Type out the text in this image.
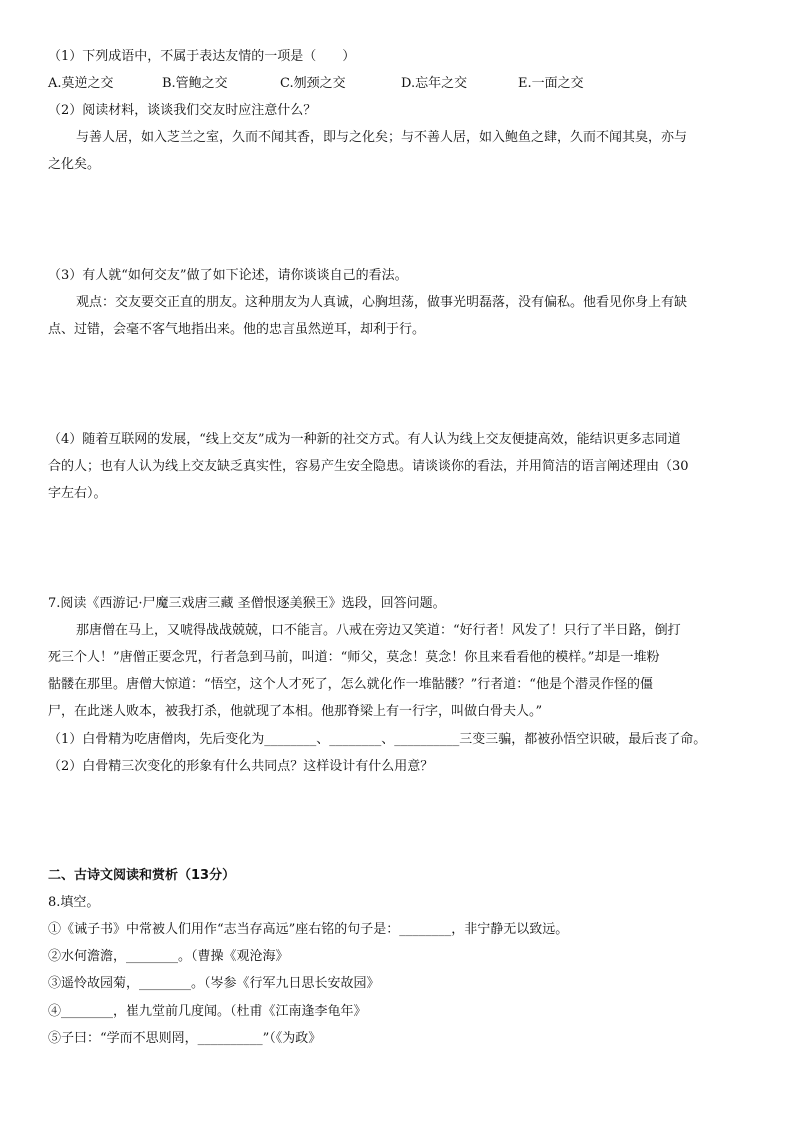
（1）下列成语中，不属于表达友情的一项是（　　）
A.莫逆之交	B.管鲍之交	C.刎颈之交	D.忘年之交	E.一面之交
（2）阅读材料，谈谈我们交友时应注意什么？
与善人居，如入芝兰之室，久而不闻其香，即与之化矣；与不善人居，如入鲍鱼之肆，久而不闻其臭，亦与
之化矣。
（3）有人就“如何交友”做了如下论述，请你谈谈自己的看法。
观点：交友要交正直的朋友。这种朋友为人真诚，心胸坦荡，做事光明磊落，没有偏私。他看见你身上有缺
点、过错，会毫不客气地指出来。他的忠言虽然逆耳，却利于行。
（4）随着互联网的发展，“线上交友”成为一种新的社交方式。有人认为线上交友便捷高效，能结识更多志同道
合的人；也有人认为线上交友缺乏真实性，容易产生安全隐患。请谈谈你的看法，并用简洁的语言阐述理由（30
字左右）。
7.阅读《西游记·尸魔三戏唐三藏 圣僧恨逐美猴王》选段，回答问题。
那唐僧在马上，又唬得战战兢兢，口不能言。八戒在旁边又笑道：“好行者！风发了！只行了半日路，倒打
死三个人！”唐僧正要念咒，行者急到马前，叫道：“师父，莫念！莫念！你且来看看他的模样。”却是一堆粉
骷髅在那里。唐僧大惊道：“悟空，这个人才死了，怎么就化作一堆骷髅？”行者道：“他是个潜灵作怪的僵
尸，在此迷人败本，被我打杀，他就现了本相。他那脊梁上有一行字，叫做白骨夫人。”
（1）白骨精为吃唐僧肉，先后变化为________、________、__________三变三骗，都被孙悟空识破，最后丧了命。
（2）白骨精三次变化的形象有什么共同点？这样设计有什么用意？
二、古诗文阅读和赏析（13分）
8.填空。
①《诫子书》中常被人们用作“志当存高远”座右铭的句子是：________，非宁静无以致远。
②水何澹澹，________。（曹操《观沧海》
③遥怜故园菊，________。（岑参《行军九日思长安故园》
④________，崔九堂前几度闻。（杜甫《江南逢李龟年》
⑤子曰：“学而不思则罔，__________”（《为政》
